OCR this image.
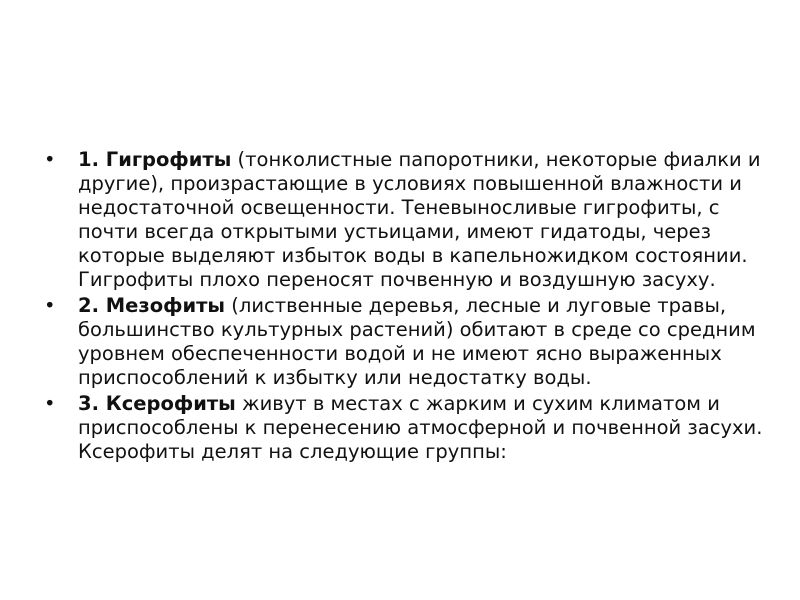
• 1. Гигрофиты (тонколистные папоротники, некоторые фиалки и другие), произрастающие в условиях повышенной влажности и недостаточной освещенности. Теневыносливые гигрофиты, с почти всегда открытыми устьицами, имеют гидатоды, через которые выделяют избыток воды в капельножидком состоянии. Гигрофиты плохо переносят почвенную и воздушную засуху.
• 2. Мезофиты (лиственные деревья, лесные и луговые травы, большинство культурных растений) обитают в среде со средним уровнем обеспеченности водой и не имеют ясно выраженных приспособлений к избытку или недостатку воды.
• 3. Ксерофиты живут в местах с жарким и сухим климатом и приспособлены к перенесению атмосферной и почвенной засухи. Ксерофиты делят на следующие группы:
